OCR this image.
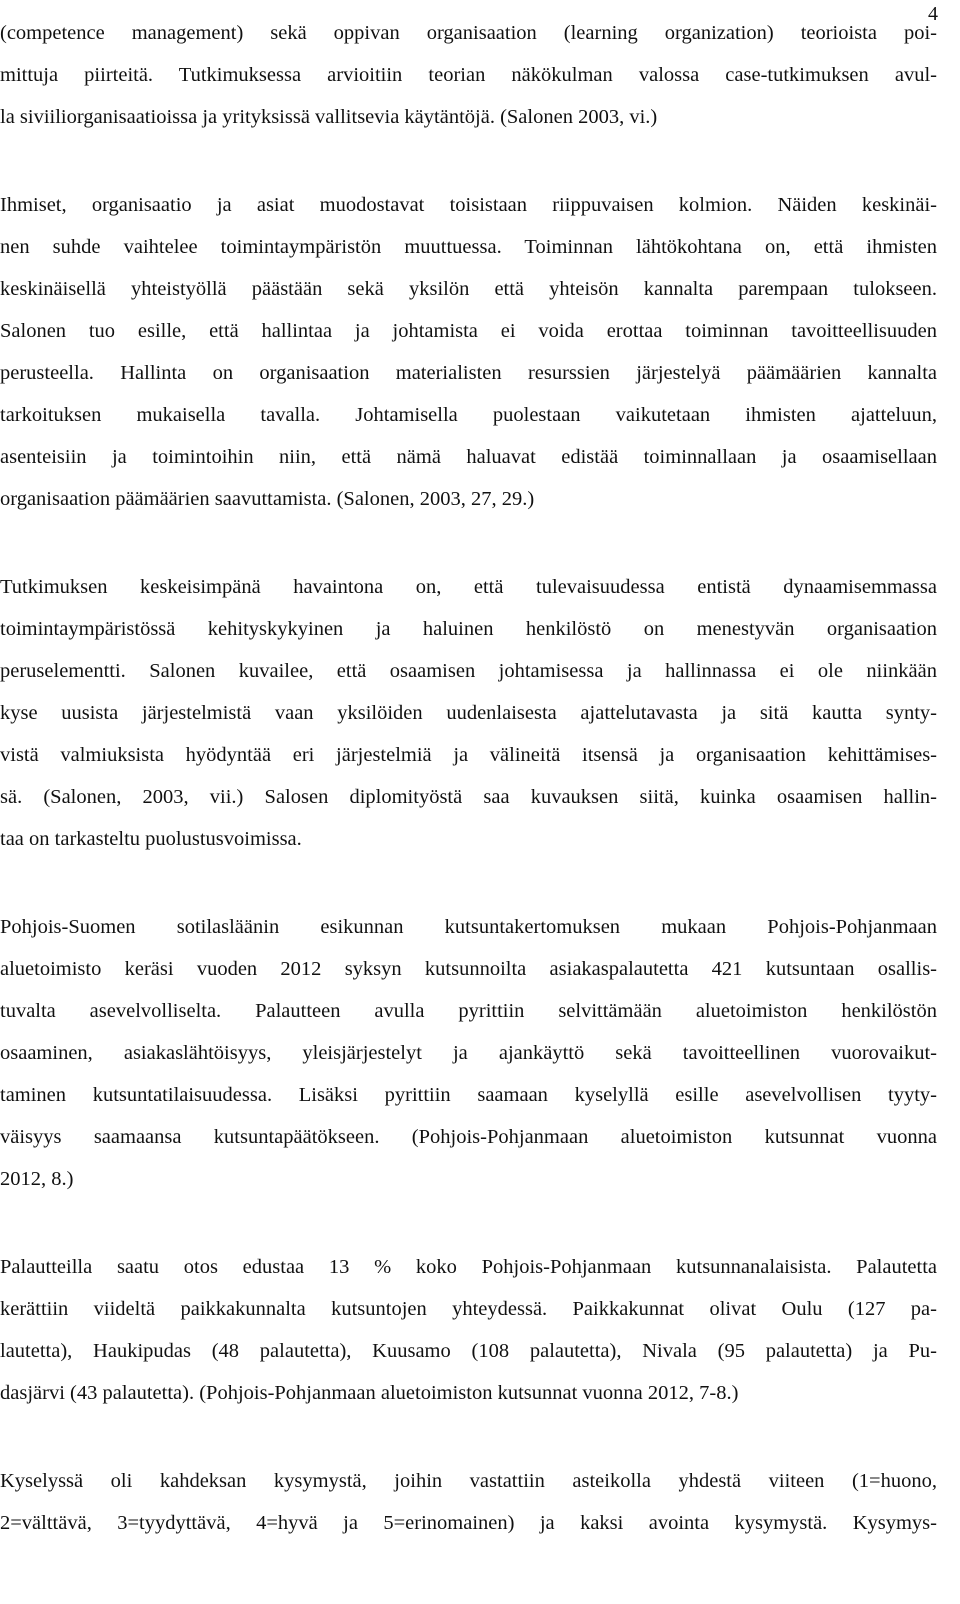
4
(competence management) sekä oppivan organisaation (learning organization) teorioista poi-
mittuja piirteitä. Tutkimuksessa arvioitiin teorian näkökulman valossa case-tutkimuksen avul-
la siviiliorganisaatioissa ja yrityksissä vallitsevia käytäntöjä. (Salonen 2003, vi.)
Ihmiset, organisaatio ja asiat muodostavat toisistaan riippuvaisen kolmion. Näiden keskinäi-
nen suhde vaihtelee toimintaympäristön muuttuessa. Toiminnan lähtökohtana on, että ihmisten
keskinäisellä yhteistyöllä päästään sekä yksilön että yhteisön kannalta parempaan tulokseen.
Salonen tuo esille, että hallintaa ja johtamista ei voida erottaa toiminnan tavoitteellisuuden
perusteella. Hallinta on organisaation materialisten resurssien järjestelyä päämäärien kannalta
tarkoituksen mukaisella tavalla. Johtamisella puolestaan vaikutetaan ihmisten ajatteluun,
asenteisiin ja toimintoihin niin, että nämä haluavat edistää toiminnallaan ja osaamisellaan
organisaation päämäärien saavuttamista. (Salonen, 2003, 27, 29.)
Tutkimuksen keskeisimpänä havaintona on, että tulevaisuudessa entistä dynaamisemmassa
toimintaympäristössä kehityskykyinen ja haluinen henkilöstö on menestyvän organisaation
peruselementti. Salonen kuvailee, että osaamisen johtamisessa ja hallinnassa ei ole niinkään
kyse uusista järjestelmistä vaan yksilöiden uudenlaisesta ajattelutavasta ja sitä kautta synty-
vistä valmiuksista hyödyntää eri järjestelmiä ja välineitä itsensä ja organisaation kehittämises-
sä. (Salonen, 2003, vii.) Salosen diplomityöstä saa kuvauksen siitä, kuinka osaamisen hallin-
taa on tarkasteltu puolustusvoimissa.
Pohjois-Suomen sotilasläänin esikunnan kutsuntakertomuksen mukaan Pohjois-Pohjanmaan
aluetoimisto keräsi vuoden 2012 syksyn kutsunnoilta asiakaspalautetta 421 kutsuntaan osallis-
tuvalta asevelvolliselta. Palautteen avulla pyrittiin selvittämään aluetoimiston henkilöstön
osaaminen, asiakaslähtöisyys, yleisjärjestelyt ja ajankäyttö sekä tavoitteellinen vuorovaikut-
taminen kutsuntatilaisuudessa. Lisäksi pyrittiin saamaan kyselyllä esille asevelvollisen tyyty-
väisyys saamaansa kutsuntapäätökseen. (Pohjois-Pohjanmaan aluetoimiston kutsunnat vuonna
2012, 8.)
Palautteilla saatu otos edustaa 13 % koko Pohjois-Pohjanmaan kutsunnanalaisista. Palautetta
kerättiin viideltä paikkakunnalta kutsuntojen yhteydessä. Paikkakunnat olivat Oulu (127 pa-
lautetta), Haukipudas (48 palautetta), Kuusamo (108 palautetta), Nivala (95 palautetta) ja Pu-
dasjärvi (43 palautetta). (Pohjois-Pohjanmaan aluetoimiston kutsunnat vuonna 2012, 7-8.)
Kyselyssä oli kahdeksan kysymystä, joihin vastattiin asteikolla yhdestä viiteen (1=huono,
2=välttävä, 3=tyydyttävä, 4=hyvä ja 5=erinomainen) ja kaksi avointa kysymystä. Kysymys-
